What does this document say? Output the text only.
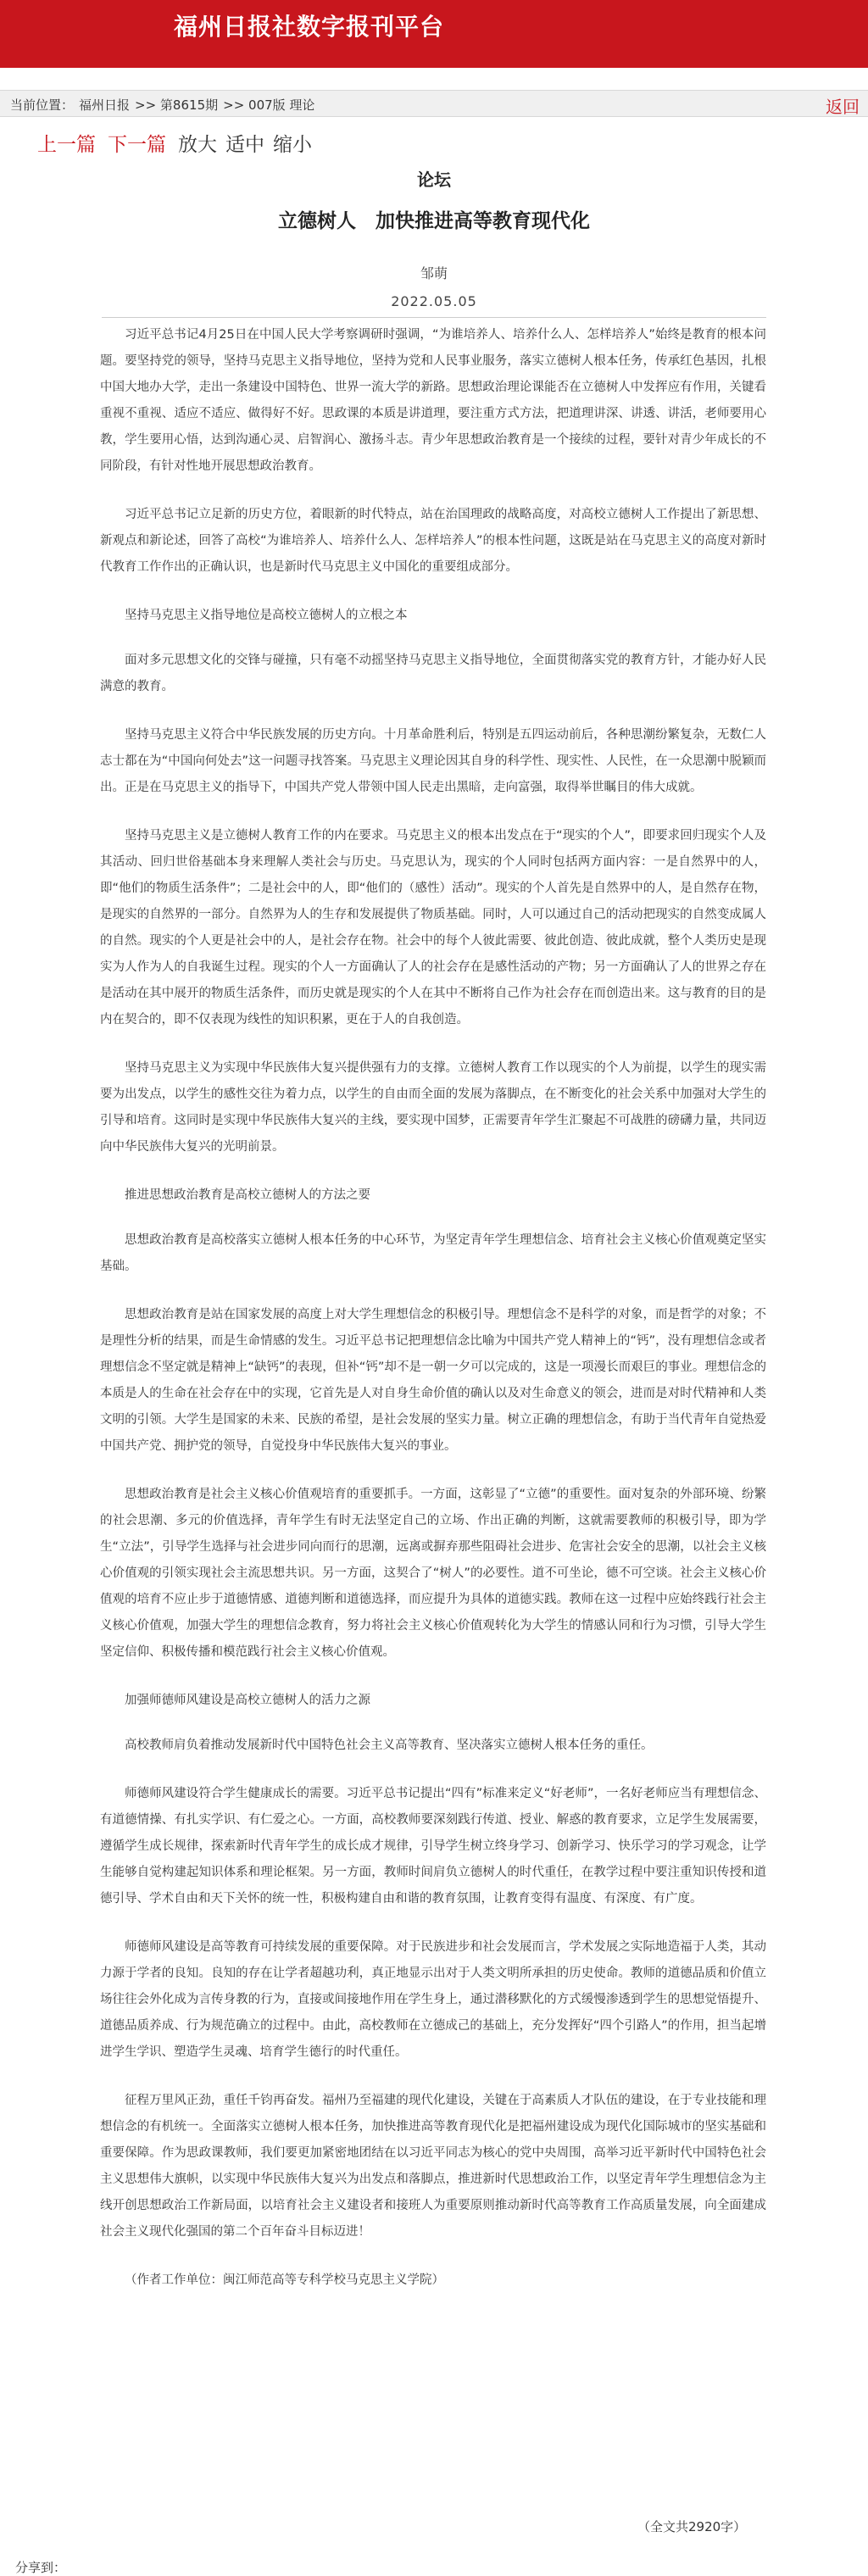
福州日报社数字报刊平台
当前位置： 福州日报 >> 第8615期 >> 007版 理论	返回
上一篇 下一篇 放大 适中 缩小
论坛
立德树人　加快推进高等教育现代化
邹萌
2022.05.05

习近平总书记4月25日在中国人民大学考察调研时强调，“为谁培养人、培养什么人、怎样培养人”始终是教育的根本问题。要坚持党的领导，坚持马克思主义指导地位，坚持为党和人民事业服务，落实立德树人根本任务，传承红色基因，扎根中国大地办大学，走出一条建设中国特色、世界一流大学的新路。思想政治理论课能否在立德树人中发挥应有作用，关键看重视不重视、适应不适应、做得好不好。思政课的本质是讲道理，要注重方式方法，把道理讲深、讲透、讲活，老师要用心教，学生要用心悟，达到沟通心灵、启智润心、激扬斗志。青少年思想政治教育是一个接续的过程，要针对青少年成长的不同阶段，有针对性地开展思想政治教育。

习近平总书记立足新的历史方位，着眼新的时代特点，站在治国理政的战略高度，对高校立德树人工作提出了新思想、新观点和新论述，回答了高校“为谁培养人、培养什么人、怎样培养人”的根本性问题，这既是站在马克思主义的高度对新时代教育工作作出的正确认识，也是新时代马克思主义中国化的重要组成部分。

坚持马克思主义指导地位是高校立德树人的立根之本

面对多元思想文化的交锋与碰撞，只有毫不动摇坚持马克思主义指导地位，全面贯彻落实党的教育方针，才能办好人民满意的教育。

坚持马克思主义符合中华民族发展的历史方向。十月革命胜利后，特别是五四运动前后，各种思潮纷繁复杂，无数仁人志士都在为“中国向何处去”这一问题寻找答案。马克思主义理论因其自身的科学性、现实性、人民性，在一众思潮中脱颖而出。正是在马克思主义的指导下，中国共产党人带领中国人民走出黑暗，走向富强，取得举世瞩目的伟大成就。

坚持马克思主义是立德树人教育工作的内在要求。马克思主义的根本出发点在于“现实的个人”，即要求回归现实个人及其活动、回归世俗基础本身来理解人类社会与历史。马克思认为，现实的个人同时包括两方面内容：一是自然界中的人，即“他们的物质生活条件”；二是社会中的人，即“他们的（感性）活动”。现实的个人首先是自然界中的人，是自然存在物，是现实的自然界的一部分。自然界为人的生存和发展提供了物质基础。同时，人可以通过自己的活动把现实的自然变成属人的自然。现实的个人更是社会中的人，是社会存在物。社会中的每个人彼此需要、彼此创造、彼此成就，整个人类历史是现实为人作为人的自我诞生过程。现实的个人一方面确认了人的社会存在是感性活动的产物；另一方面确认了人的世界之存在是活动在其中展开的物质生活条件，而历史就是现实的个人在其中不断将自己作为社会存在而创造出来。这与教育的目的是内在契合的，即不仅表现为线性的知识积累，更在于人的自我创造。

坚持马克思主义为实现中华民族伟大复兴提供强有力的支撑。立德树人教育工作以现实的个人为前提，以学生的现实需要为出发点，以学生的感性交往为着力点，以学生的自由而全面的发展为落脚点，在不断变化的社会关系中加强对大学生的引导和培育。这同时是实现中华民族伟大复兴的主线，要实现中国梦，正需要青年学生汇聚起不可战胜的磅礴力量，共同迈向中华民族伟大复兴的光明前景。

推进思想政治教育是高校立德树人的方法之要

思想政治教育是高校落实立德树人根本任务的中心环节，为坚定青年学生理想信念、培育社会主义核心价值观奠定坚实基础。

思想政治教育是站在国家发展的高度上对大学生理想信念的积极引导。理想信念不是科学的对象，而是哲学的对象；不是理性分析的结果，而是生命情感的发生。习近平总书记把理想信念比喻为中国共产党人精神上的“钙”，没有理想信念或者理想信念不坚定就是精神上“缺钙”的表现，但补“钙”却不是一朝一夕可以完成的，这是一项漫长而艰巨的事业。理想信念的本质是人的生命在社会存在中的实现，它首先是人对自身生命价值的确认以及对生命意义的领会，进而是对时代精神和人类文明的引领。大学生是国家的未来、民族的希望，是社会发展的坚实力量。树立正确的理想信念，有助于当代青年自觉热爱中国共产党、拥护党的领导，自觉投身中华民族伟大复兴的事业。

思想政治教育是社会主义核心价值观培育的重要抓手。一方面，这彰显了“立德”的重要性。面对复杂的外部环境、纷繁的社会思潮、多元的价值选择，青年学生有时无法坚定自己的立场、作出正确的判断，这就需要教师的积极引导，即为学生“立法”，引导学生选择与社会进步同向而行的思潮，远离或摒弃那些阻碍社会进步、危害社会安全的思潮，以社会主义核心价值观的引领实现社会主流思想共识。另一方面，这契合了“树人”的必要性。道不可坐论，德不可空谈。社会主义核心价值观的培育不应止步于道德情感、道德判断和道德选择，而应提升为具体的道德实践。教师在这一过程中应始终践行社会主义核心价值观，加强大学生的理想信念教育，努力将社会主义核心价值观转化为大学生的情感认同和行为习惯，引导大学生坚定信仰、积极传播和模范践行社会主义核心价值观。

加强师德师风建设是高校立德树人的活力之源

高校教师肩负着推动发展新时代中国特色社会主义高等教育、坚决落实立德树人根本任务的重任。

师德师风建设符合学生健康成长的需要。习近平总书记提出“四有”标准来定义“好老师”，一名好老师应当有理想信念、有道德情操、有扎实学识、有仁爱之心。一方面，高校教师要深刻践行传道、授业、解惑的教育要求，立足学生发展需要，遵循学生成长规律，探索新时代青年学生的成长成才规律，引导学生树立终身学习、创新学习、快乐学习的学习观念，让学生能够自觉构建起知识体系和理论框架。另一方面，教师时间肩负立德树人的时代重任，在教学过程中要注重知识传授和道德引导、学术自由和天下关怀的统一性，积极构建自由和谐的教育氛围，让教育变得有温度、有深度、有广度。

师德师风建设是高等教育可持续发展的重要保障。对于民族进步和社会发展而言，学术发展之实际地造福于人类，其动力源于学者的良知。良知的存在让学者超越功利，真正地显示出对于人类文明所承担的历史使命。教师的道德品质和价值立场往往会外化成为言传身教的行为，直接或间接地作用在学生身上，通过潜移默化的方式缓慢渗透到学生的思想觉悟提升、道德品质养成、行为规范确立的过程中。由此，高校教师在立德成己的基础上，充分发挥好“四个引路人”的作用，担当起增进学生学识、塑造学生灵魂、培育学生德行的时代重任。

征程万里风正劲，重任千钧再奋发。福州乃至福建的现代化建设，关键在于高素质人才队伍的建设，在于专业技能和理想信念的有机统一。全面落实立德树人根本任务，加快推进高等教育现代化是把福州建设成为现代化国际城市的坚实基础和重要保障。作为思政课教师，我们要更加紧密地团结在以习近平同志为核心的党中央周围，高举习近平新时代中国特色社会主义思想伟大旗帜，以实现中华民族伟大复兴为出发点和落脚点，推进新时代思想政治工作，以坚定青年学生理想信念为主线开创思想政治工作新局面，以培育社会主义建设者和接班人为重要原则推动新时代高等教育工作高质量发展，向全面建成社会主义现代化强国的第二个百年奋斗目标迈进！

（作者工作单位：闽江师范高等专科学校马克思主义学院）

（全文共2920字）
分享到：
